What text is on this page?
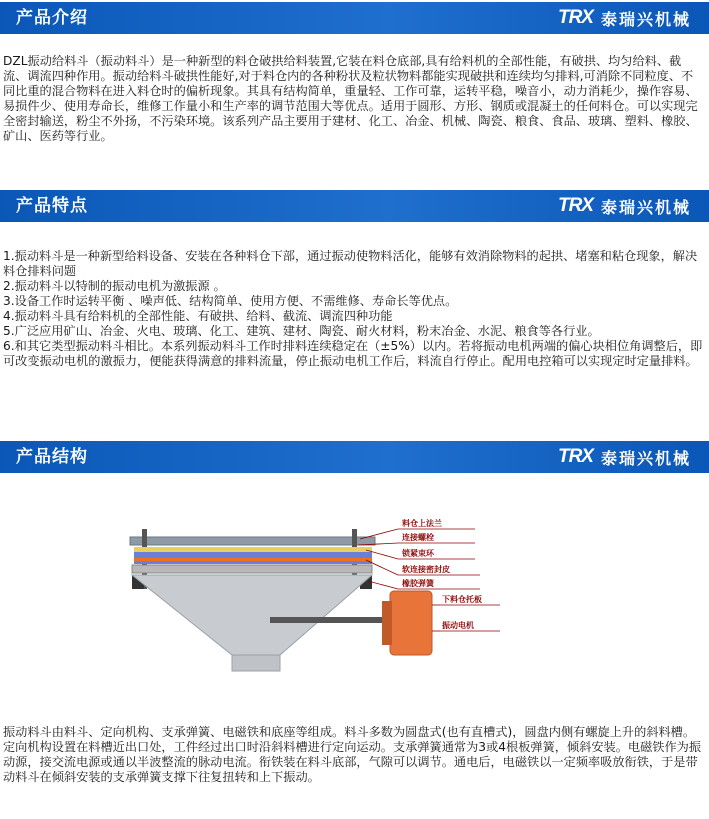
产品介绍	TRX 泰瑞兴机械

DZL振动给料斗（振动料斗）是一种新型的料仓破拱给料装置,它装在料仓底部,具有给料机的全部性能，有破拱、均匀给料、截流、调流四种作用。振动给料斗破拱性能好,对于料仓内的各种粉状及粒状物料都能实现破拱和连续均匀排料,可消除不同粒度、不同比重的混合物料在进入料仓时的偏析现象。其具有结构简单，重量轻、工作可靠，运转平稳，噪音小，动力消耗少，操作容易、易损件少、使用寿命长，维修工作量小和生产率的调节范围大等优点。适用于圆形、方形、钢质或混凝土的任何料仓。可以实现完全密封输送，粉尘不外扬，不污染环境。该系列产品主要用于建材、化工、冶金、机械、陶瓷、粮食、食品、玻璃、塑料、橡胶、矿山、医药等行业。

产品特点	TRX 泰瑞兴机械
1.振动料斗是一种新型给料设备、安装在各种料仓下部，通过振动使物料活化，能够有效消除物料的起拱、堵塞和粘仓现象，解决料仓排料问题
2.振动料斗以特制的振动电机为激振源 。
3.设备工作时运转平衡 、噪声低、结构简单、使用方便、不需维修、寿命长等优点。
4.振动料斗具有给料机的全部性能、有破拱、给料、截流、调流四种功能
5.广泛应用矿山、冶金、火电、玻璃、化工、建筑、建材、陶瓷、耐火材料，粉末冶金、水泥、粮食等各行业。
6.和其它类型振动料斗相比。本系列振动料斗工作时排料连续稳定在（±5%）以内。若将振动电机两端的偏心块相位角调整后，即可改变振动电机的激振力，便能获得满意的排料流量，停止振动电机工作后，料流自行停止。配用电控箱可以实现定时定量排料。
产品结构	TRX 泰瑞兴机械
料仓上法兰
连接螺栓
锁紧束环
软连接密封皮
橡胶弹簧
下料仓托板
振动电机

振动料斗由料斗、定向机构、支承弹簧、电磁铁和底座等组成。料斗多数为圆盘式(也有直槽式)，圆盘内侧有螺旋上升的斜料槽。定向机构设置在料槽近出口处，工件经过出口时沿斜料槽进行定向运动。支承弹簧通常为3或4根板弹簧，倾斜安装。电磁铁作为振动源，接交流电源或通以半波整流的脉动电流。衔铁装在料斗底部，气隙可以调节。通电后，电磁铁以一定频率吸放衔铁，于是带动料斗在倾斜安装的支承弹簧支撑下往复扭转和上下振动。
